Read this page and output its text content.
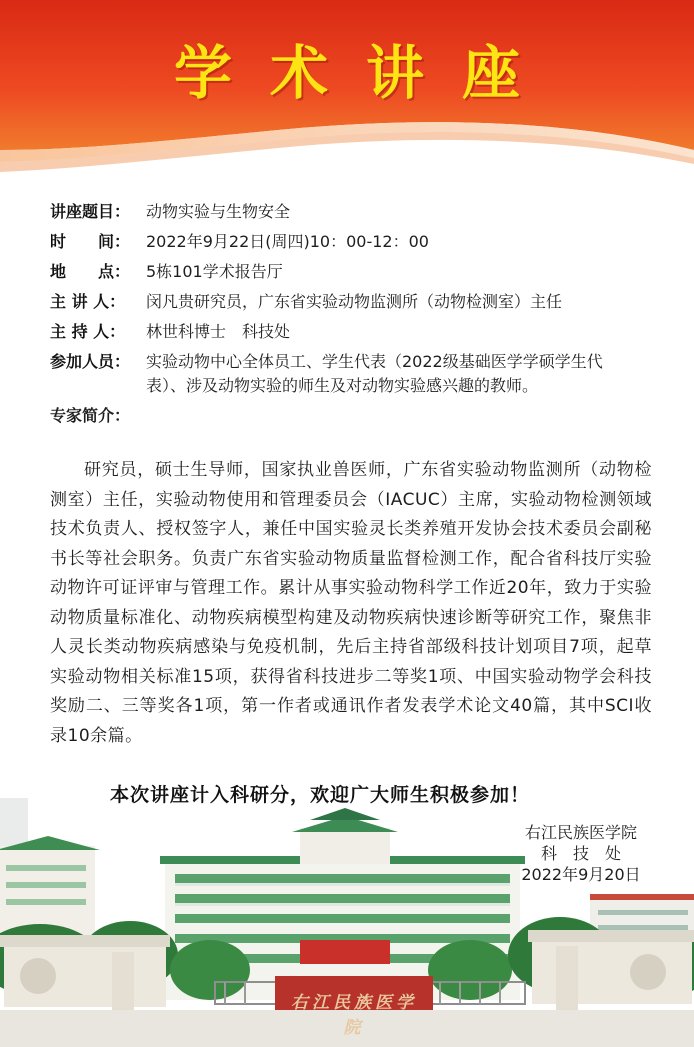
学术讲座
讲座题目： 动物实验与生物安全
时　　间： 2022年9月22日(周四)10：00-12：00
地　　点： 5栋101学术报告厅
主 讲 人：	闵凡贵研究员，广东省实验动物监测所（动物检测室）主任
主 持 人：	林世科博士　科技处
参加人员： 实验动物中心全体员工、学生代表（2022级基础医学学硕学生代表）、涉及动物实验的师生及对动物实验感兴趣的教师。
专家简介：
研究员，硕士生导师，国家执业兽医师，广东省实验动物监测所（动物检测室）主任，实验动物使用和管理委员会（IACUC）主席，实验动物检测领域技术负责人、授权签字人，兼任中国实验灵长类养殖开发协会技术委员会副秘书长等社会职务。负责广东省实验动物质量监督检测工作，配合省科技厅实验动物许可证评审与管理工作。累计从事实验动物科学工作近20年，致力于实验动物质量标准化、动物疾病模型构建及动物疾病快速诊断等研究工作，聚焦非人灵长类动物疾病感染与免疫机制，先后主持省部级科技计划项目7项，起草实验动物相关标准15项，获得省科技进步二等奖1项、中国实验动物学会科技奖励二、三等奖各1项，第一作者或通讯作者发表学术论文40篇，其中SCI收录10余篇。
右江民族医学院
本次讲座计入科研分，欢迎广大师生积极参加！
右江民族医学院
科　技　处
2022年9月20日
